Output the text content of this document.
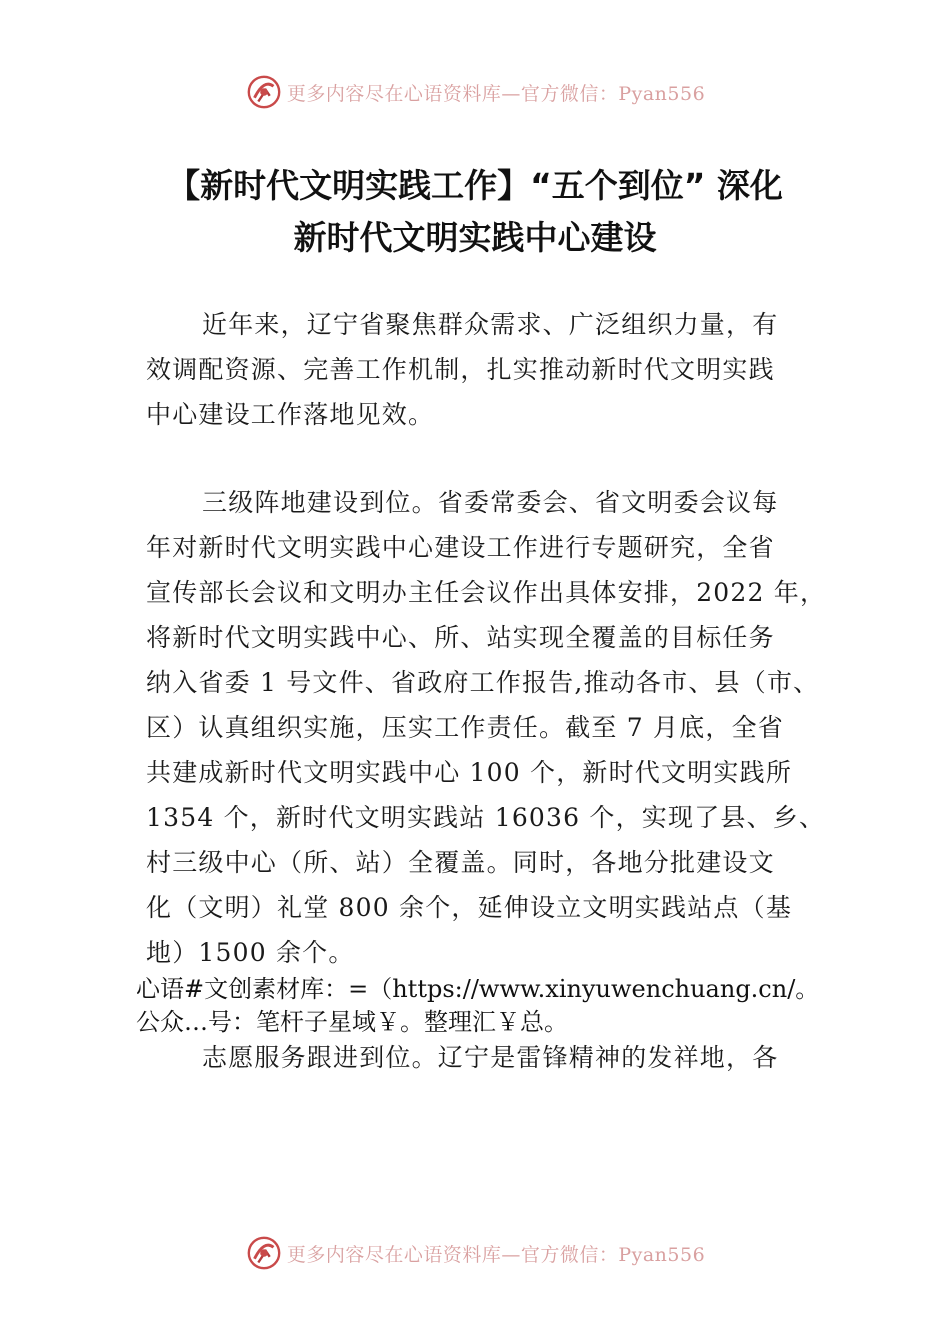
更多内容尽在心语资料库— 官方微信：Pyan556
【新时代文明实践工作】“五个到位” 深化
新时代文明实践中心建设
近年来，辽宁省聚焦群众需求、广泛组织力量，有
效调配资源、完善工作机制，扎实推动新时代文明实践
中心建设工作落地见效。
三级阵地建设到位。省委常委会、省文明委会议每
年对新时代文明实践中心建设工作进行专题研究，全省
宣传部长会议和文明办主任会议作出具体安排，2022 年，
将新时代文明实践中心、所、站实现全覆盖的目标任务
纳入省委 1 号文件、省政府工作报告,推动各市、县（市、
区）认真组织实施，压实工作责任。截至 7 月底，全省
共建成新时代文明实践中心 100 个，新时代文明实践所
1354 个，新时代文明实践站 16036 个，实现了县、乡、
村三级中心（所、站）全覆盖。同时，各地分批建设文
化（文明）礼堂 800 余个，延伸设立文明实践站点（基
地）1500 余个。
心语#文创素材库：=（https://www.xinyuwenchuang.cn/。
公众…号：笔杆子星域￥。整理汇￥总。
志愿服务跟进到位。辽宁是雷锋精神的发祥地，各
更多内容尽在心语资料库— 官方微信：Pyan556
